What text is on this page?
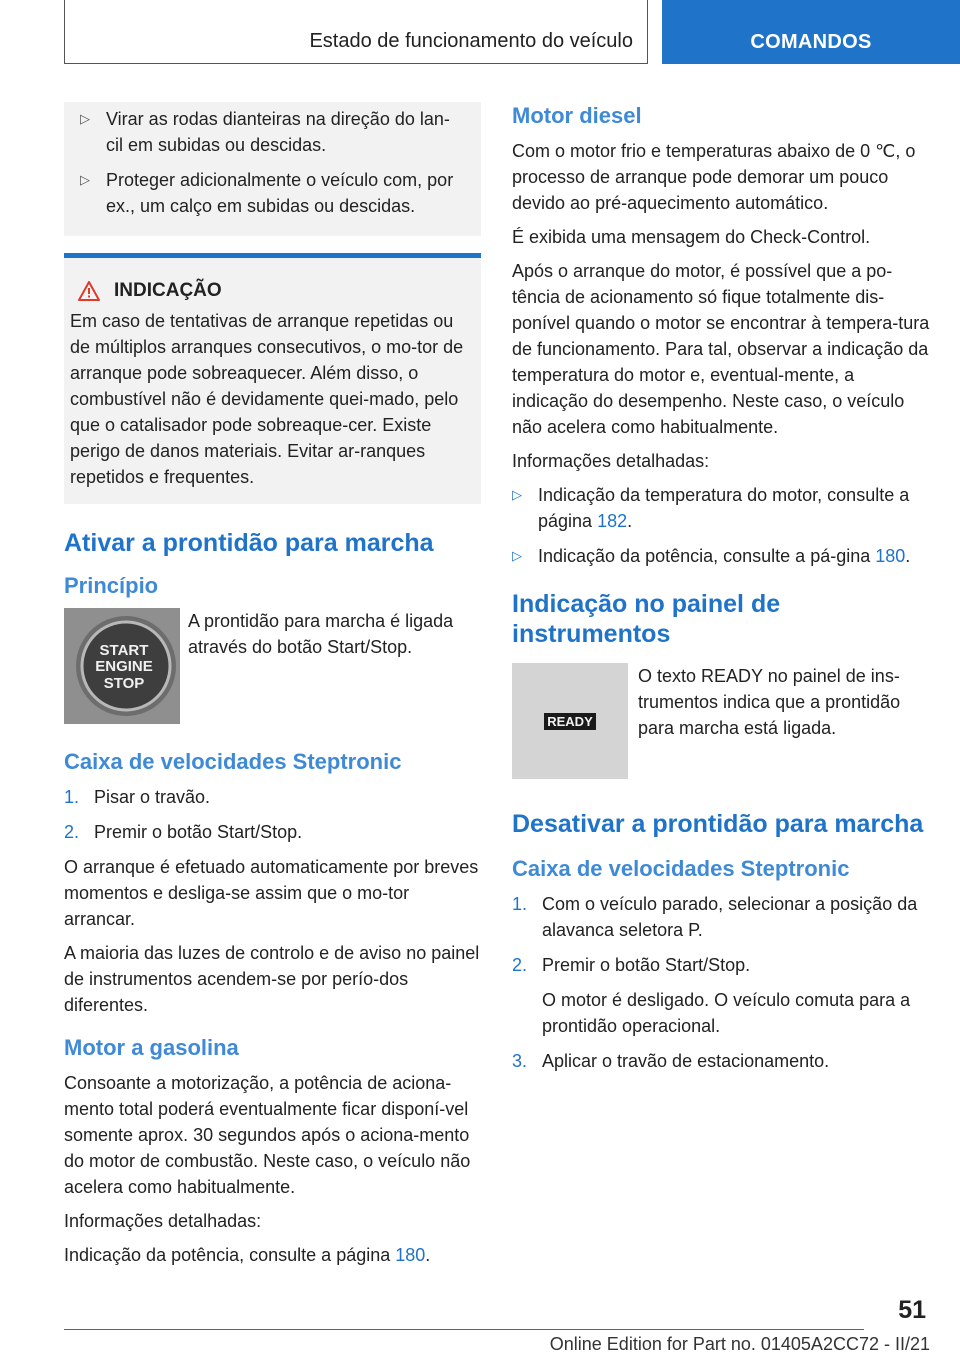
Estado de funcionamento do veículo	COMANDOS
▷ Virar as rodas dianteiras na direção do lan-cil em subidas ou descidas.
▷ Proteger adicionalmente o veículo com, por ex., um calço em subidas ou descidas.
INDICAÇÃO

Em caso de tentativas de arranque repetidas ou de múltiplos arranques consecutivos, o mo-tor de arranque pode sobreaquecer. Além disso, o combustível não é devidamente quei-mado, pelo que o catalisador pode sobreaque-cer. Existe perigo de danos materiais. Evitar ar-ranques repetidos e frequentes.

Ativar a prontidão para marcha
Princípio
START
ENGINE
STOP

A prontidão para marcha é ligada através do botão Start/Stop.

Caixa de velocidades Steptronic
1. Pisar o travão.
2. Premir o botão Start/Stop.

O arranque é efetuado automaticamente por breves momentos e desliga-se assim que o mo-tor arrancar.

A maioria das luzes de controlo e de aviso no painel de instrumentos acendem-se por perío-dos diferentes.

Motor a gasolina

Consoante a motorização, a potência de aciona-mento total poderá eventualmente ficar disponí-vel somente aprox. 30 segundos após o aciona-mento do motor de combustão. Neste caso, o veículo não acelera como habitualmente.

Informações detalhadas:

Indicação da potência, consulte a página 180.

Motor diesel

Com o motor frio e temperaturas abaixo de 0 ℃, o processo de arranque pode demorar um pouco devido ao pré-aquecimento automático.

É exibida uma mensagem do Check-Control.

Após o arranque do motor, é possível que a po-tência de acionamento só fique totalmente dis-ponível quando o motor se encontrar à tempera-tura de funcionamento. Para tal, observar a indicação da temperatura do motor e, eventual-mente, a indicação do desempenho. Neste caso, o veículo não acelera como habitualmente.

Informações detalhadas:

▷ Indicação da temperatura do motor, consulte a página 182.
▷ Indicação da potência, consulte a pá-gina 180.
Indicação no painel de instrumentos
READY

O texto READY no painel de ins-trumentos indica que a prontidão para marcha está ligada.

Desativar a prontidão para marcha
Caixa de velocidades Steptronic
1. Com o veículo parado, selecionar a posição da alavanca seletora P.
2. Premir o botão Start/Stop.
O motor é desligado. O veículo comuta para a prontidão operacional.
3. Aplicar o travão de estacionamento.
51
Online Edition for Part no. 01405A2CC72 - II/21
